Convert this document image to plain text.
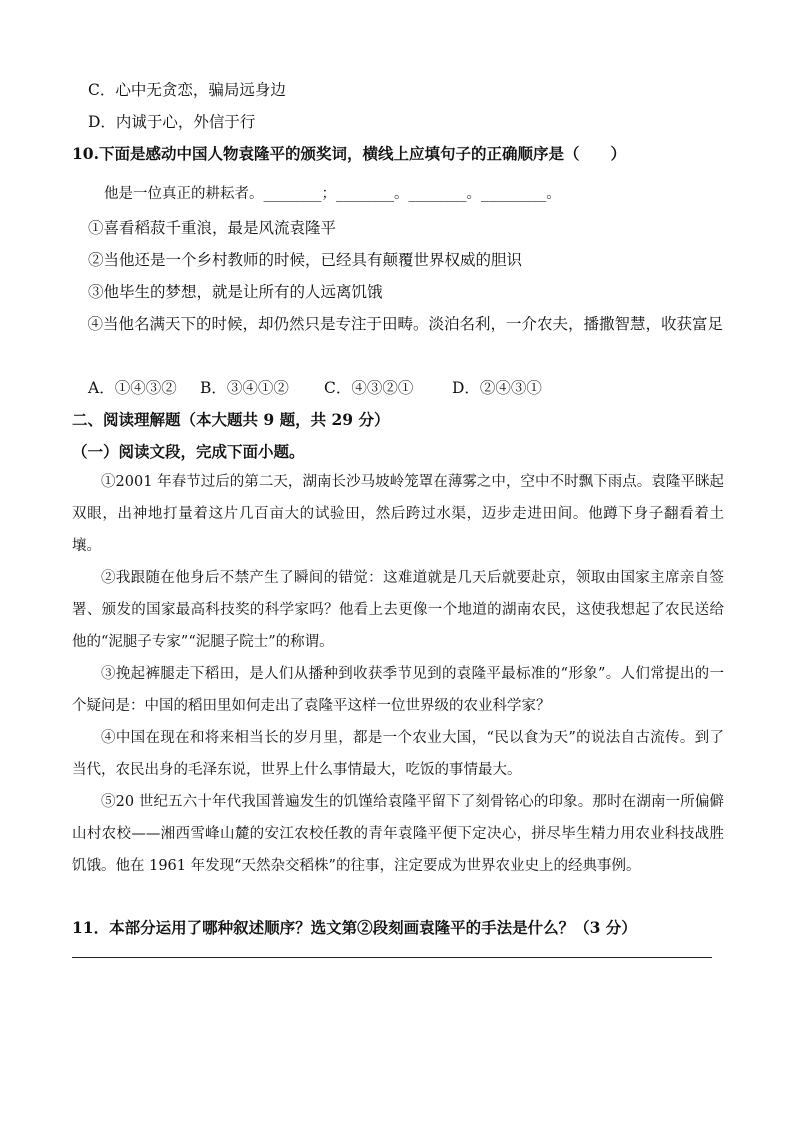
C．心中无贪恋，骗局远身边
D．内诚于心，外信于行
10.下面是感动中国人物袁隆平的颁奖词，横线上应填句子的正确顺序是（　　）
他是一位真正的耕耘者。________；________。________。_________。
①喜看稻菽千重浪，最是风流袁隆平
②当他还是一个乡村教师的时候，已经具有颠覆世界权威的胆识
③他毕生的梦想，就是让所有的人远离饥饿
④当他名满天下的时候，却仍然只是专注于田畴。淡泊名利，一介农夫，播撒智慧，收获富足
A．①④③② B．③④①② C．④③②① D．②④③①
二、阅读理解题（本大题共 9 题，共 29 分）
（一）阅读文段，完成下面小题。
①2001 年春节过后的第二天，湖南长沙马坡岭笼罩在薄雾之中，空中不时飘下雨点。袁隆平眯起双眼，出神地打量着这片几百亩大的试验田，然后跨过水渠，迈步走进田间。他蹲下身子翻看着土壤。
②我跟随在他身后不禁产生了瞬间的错觉：这难道就是几天后就要赴京，领取由国家主席亲自签署、颁发的国家最高科技奖的科学家吗？他看上去更像一个地道的湖南农民，这使我想起了农民送给他的“泥腿子专家”“泥腿子院士”的称谓。
③挽起裤腿走下稻田，是人们从播种到收获季节见到的袁隆平最标准的“形象”。人们常提出的一个疑问是：中国的稻田里如何走出了袁隆平这样一位世界级的农业科学家？
④中国在现在和将来相当长的岁月里，都是一个农业大国，“民以食为天”的说法自古流传。到了当代，农民出身的毛泽东说，世界上什么事情最大，吃饭的事情最大。
⑤20 世纪五六十年代我国普遍发生的饥馑给袁隆平留下了刻骨铭心的印象。那时在湖南一所偏僻山村农校——湘西雪峰山麓的安江农校任教的青年袁隆平便下定决心，拼尽毕生精力用农业科技战胜饥饿。他在 1961 年发现“天然杂交稻株”的往事，注定要成为世界农业史上的经典事例。
11．本部分运用了哪种叙述顺序？选文第②段刻画袁隆平的手法是什么？（3 分）
